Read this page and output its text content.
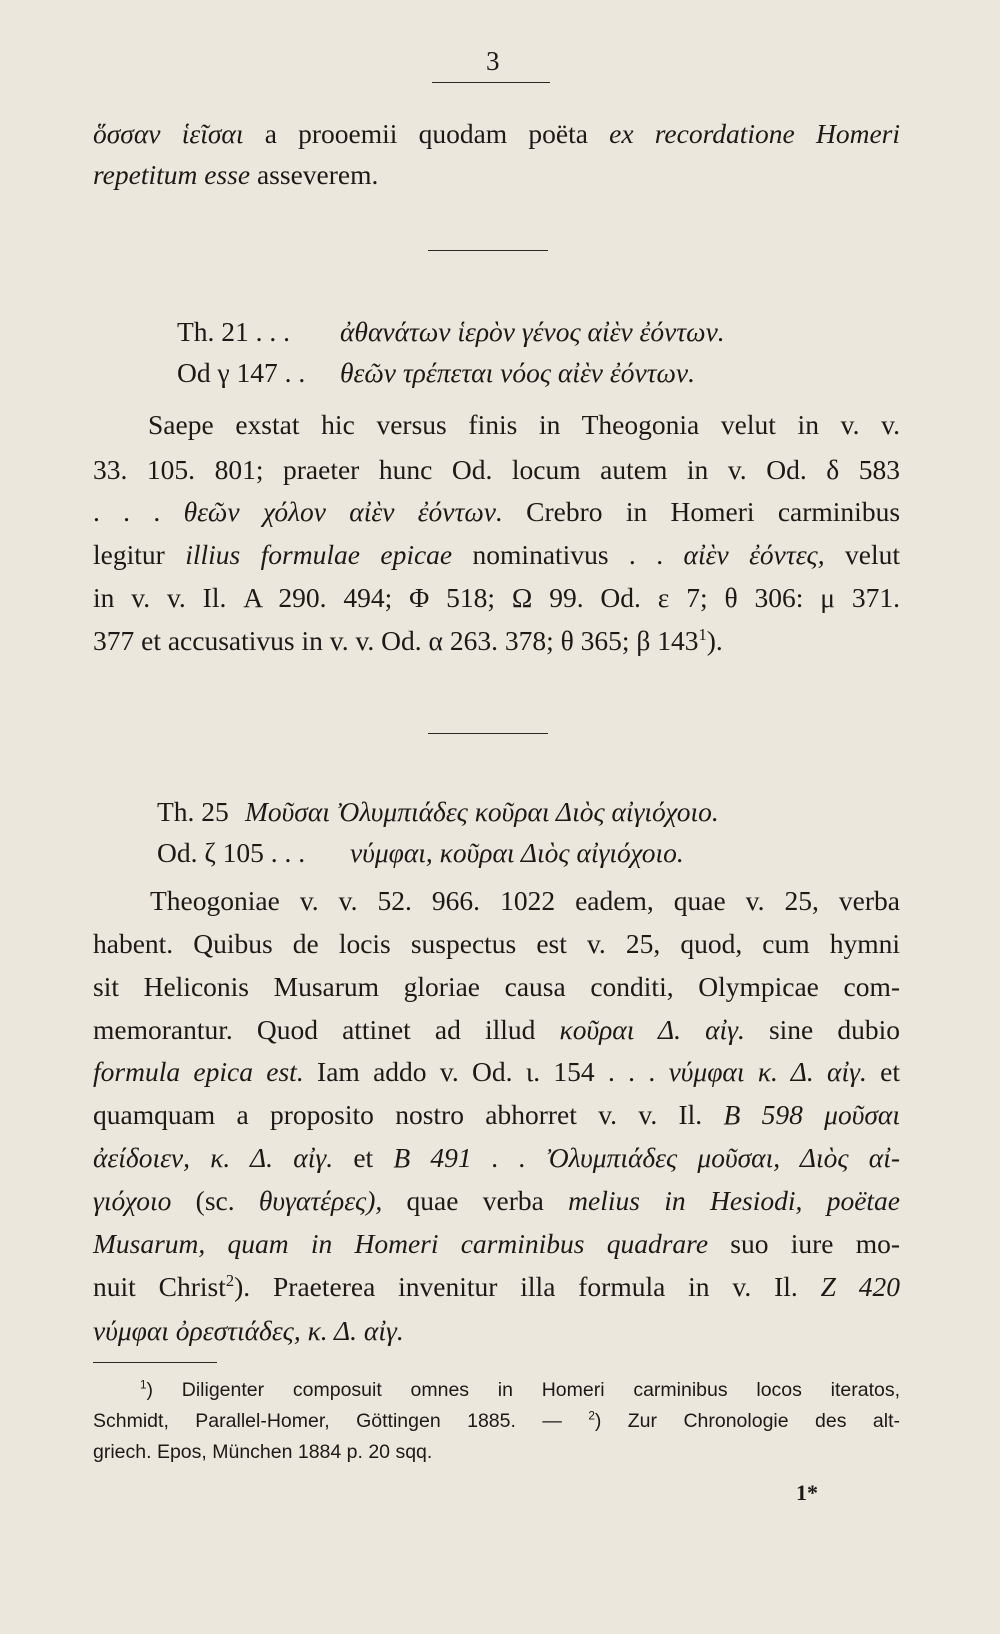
3

ὅσσαν ἱεῖσαι a prooemii quodam poëta ex recordatione Homeri

repetitum esse asseverem.

Th. 21 . . . ἀθανάτων ἱερὸν γένος αἰὲν ἐόντων.

Od γ 147 . . θεῶν τρέπεται νόος αἰὲν ἐόντων.

Saepe exstat hic versus finis in Theogonia velut in v. v.

33. 105. 801; praeter hunc Od. locum autem in v. Od. δ 583

. . . θεῶν χόλον αἰὲν ἐόντων. Crebro in Homeri carminibus

legitur illius formulae epicae nominativus . . αἰὲν ἐόντες, velut

in v. v. Il. Α 290. 494; Φ 518; Ω 99. Od. ε 7; θ 306: μ 371.

377 et accusativus in v. v. Od. α 263. 378; θ 365; β $143^1$).

Th. 25 Μοῦσαι Ὀλυμπιάδες κοῦραι Διὸς αἰγιόχοιο.

Od. ζ 105 . . . νύμφαι, κοῦραι Διὸς αἰγιόχοιο.

Theogoniae v. v. 52. 966. 1022 eadem, quae v. 25, verba

habent. Quibus de locis suspectus est v. 25, quod, cum hymni

sit Heliconis Musarum gloriae causa conditi, Olympicae com-

memorantur. Quod attinet ad illud κοῦραι Δ. αἰγ. sine dubio

formula epica est. Iam addo v. Od. ι. 154 . . . νύμφαι κ. Δ. αἰγ. et

quamquam a proposito nostro abhorret v. v. Il. Β 598 μοῦσαι

ἀείδοιεν, κ. Δ. αἰγ. et Β 491 . . Ὀλυμπιάδες μοῦσαι, Διὸς αἰ-

γιόχοιο (sc. θυγατέρες), quae verba melius in Hesiodi, poëtae

Musarum, quam in Homeri carminibus quadrare suo iure mo-

nuit Christ$^2$). Praeterea invenitur illa formula in v. Il. Ζ 420

νύμφαι ὀρεστιάδες, κ. Δ. αἰγ.

$^1$) Diligenter composuit omnes in Homeri carminibus locos iteratos,

Schmidt, Parallel-Homer, Göttingen 1885. — $^2$) Zur Chronologie des alt-

griech. Epos, München 1884 p. 20 sqq.

1*
